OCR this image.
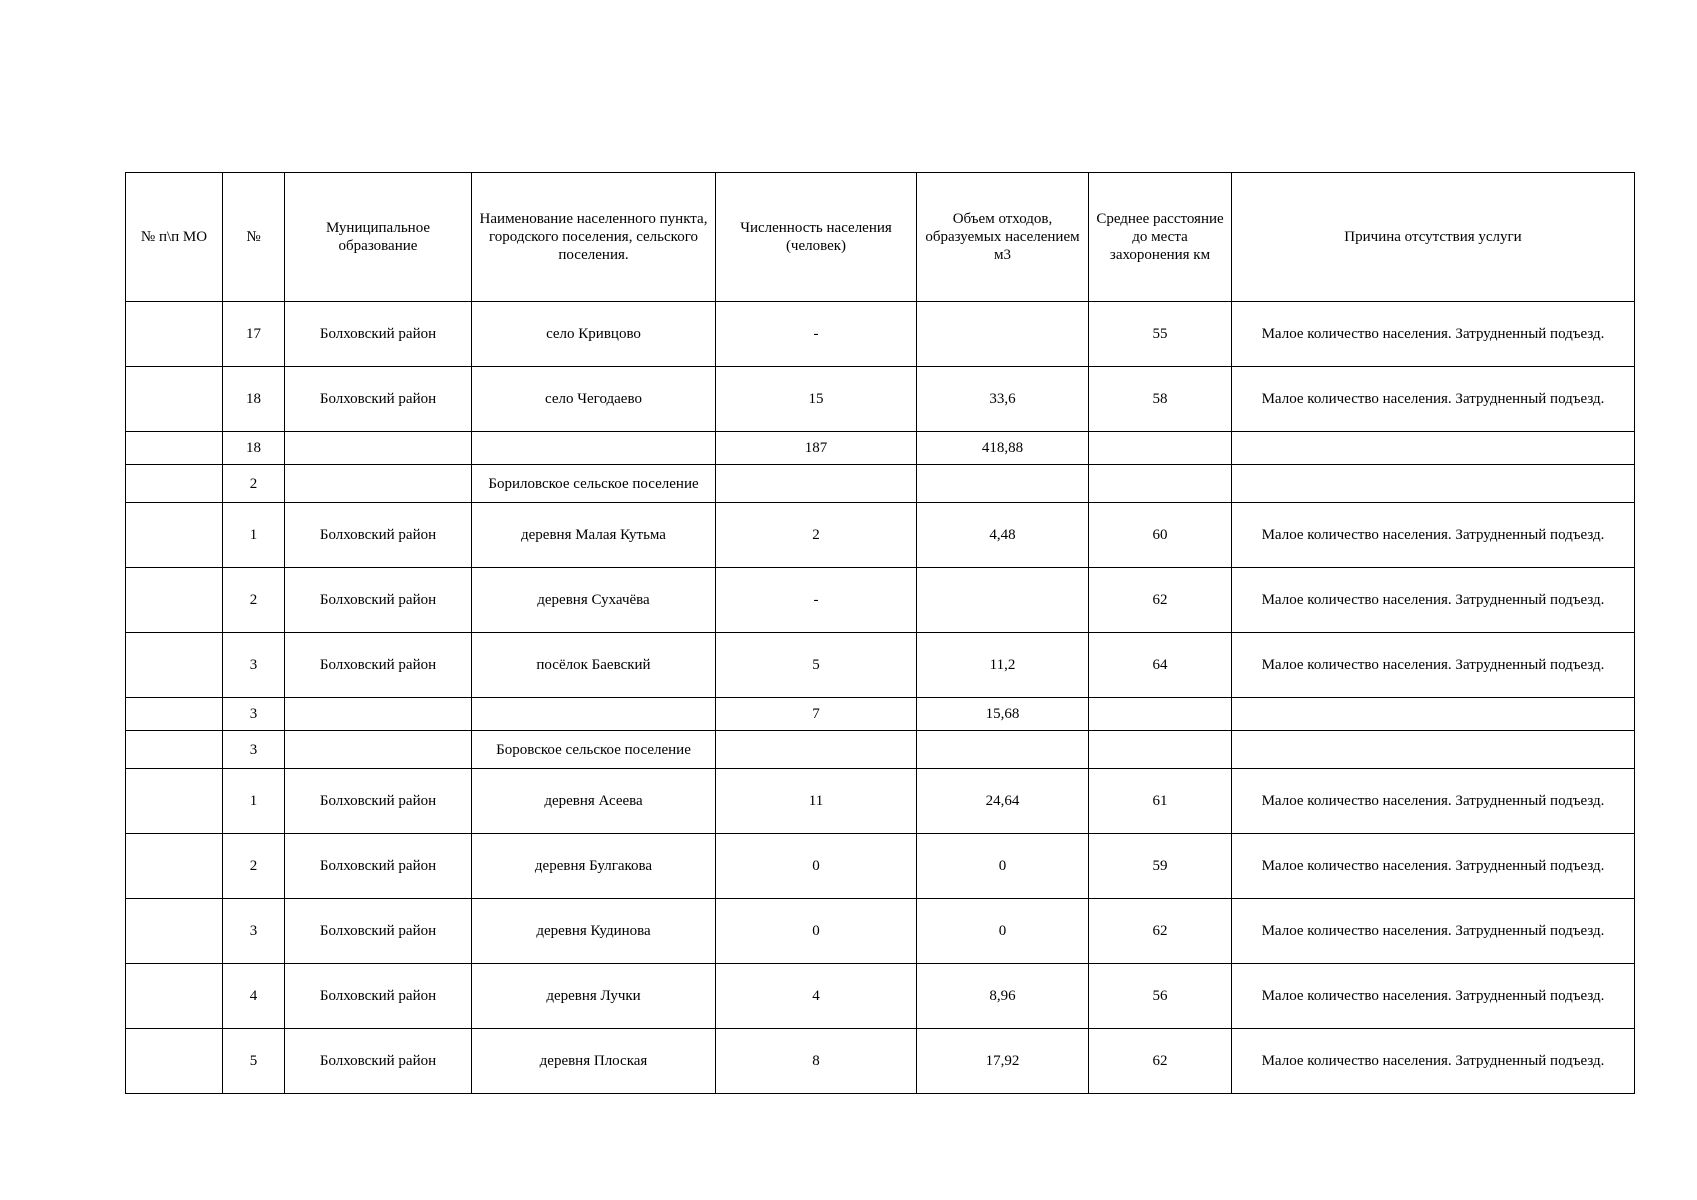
№ п\п МО	№	Муниципальное образование	Наименование населенного пункта, городского поселения, сельского поселения.	Численность населения (человек)	Объем отходов, образуемых населением м3	Среднее расстояние до места захоронения км	Причина отсутствия услуги
	17	Болховский район	село Кривцово	-		55	Малое количество населения. Затрудненный подъезд.
	18	Болховский район	село Чегодаево	15	33,6	58	Малое количество населения. Затрудненный подъезд.
	18			187	418,88		
	2		Бориловское сельское поселение				
	1	Болховский район	деревня Малая Кутьма	2	4,48	60	Малое количество населения. Затрудненный подъезд.
	2	Болховский район	деревня Сухачёва	-		62	Малое количество населения. Затрудненный подъезд.
	3	Болховский район	посёлок Баевский	5	11,2	64	Малое количество населения. Затрудненный подъезд.
	3			7	15,68		
	3		Боровское сельское поселение				
	1	Болховский район	деревня Асеева	11	24,64	61	Малое количество населения. Затрудненный подъезд.
	2	Болховский район	деревня Булгакова	0	0	59	Малое количество населения. Затрудненный подъезд.
	3	Болховский район	деревня Кудинова	0	0	62	Малое количество населения. Затрудненный подъезд.
	4	Болховский район	деревня Лучки	4	8,96	56	Малое количество населения. Затрудненный подъезд.
	5	Болховский район	деревня Плоская	8	17,92	62	Малое количество населения. Затрудненный подъезд.
